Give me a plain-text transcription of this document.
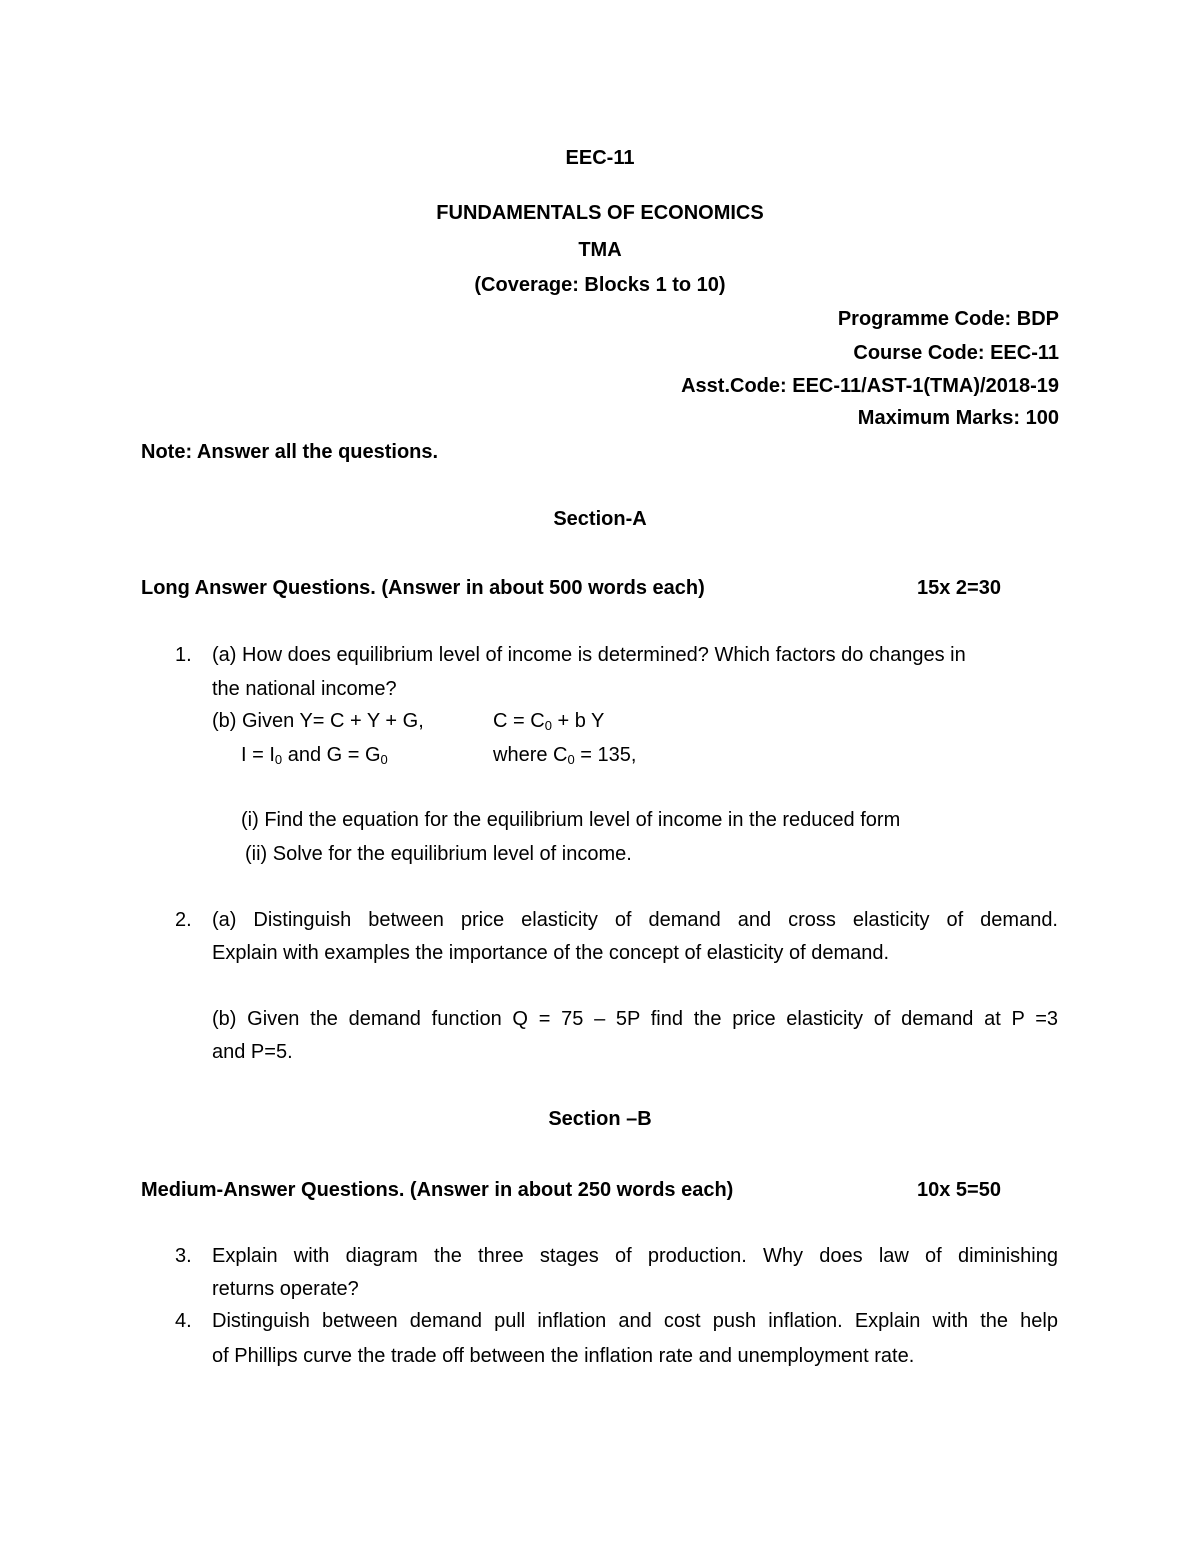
EEC-11
FUNDAMENTALS OF ECONOMICS
TMA
(Coverage: Blocks 1 to 10)
Programme Code: BDP
Course Code: EEC-11
Asst.Code: EEC-11/AST-1(TMA)/2018-19
Maximum Marks: 100
Note: Answer all the questions.
Section-A
Long Answer Questions. (Answer in about 500 words each)	15x 2=30
1. (a) How does equilibrium level of income is determined? Which factors do changes in
the national income?
(b) Given Y= C + Y + G,	$C = C_0 + b$ Y
$I = I_0$ and $G = G_0$	where $C_0 = 135$,
(i) Find the equation for the equilibrium level of income in the reduced form
(ii) Solve for the equilibrium level of income.
2. (a) Distinguish between price elasticity of demand and cross elasticity of demand.
Explain with examples the importance of the concept of elasticity of demand.
(b) Given the demand function Q = 75 – 5P find the price elasticity of demand at P =3
and P=5.
Section –B
Medium-Answer Questions. (Answer in about 250 words each)	10x 5=50
3. Explain with diagram the three stages of production. Why does law of diminishing
returns operate?
4. Distinguish between demand pull inflation and cost push inflation. Explain with the help
of Phillips curve the trade off between the inflation rate and unemployment rate.
